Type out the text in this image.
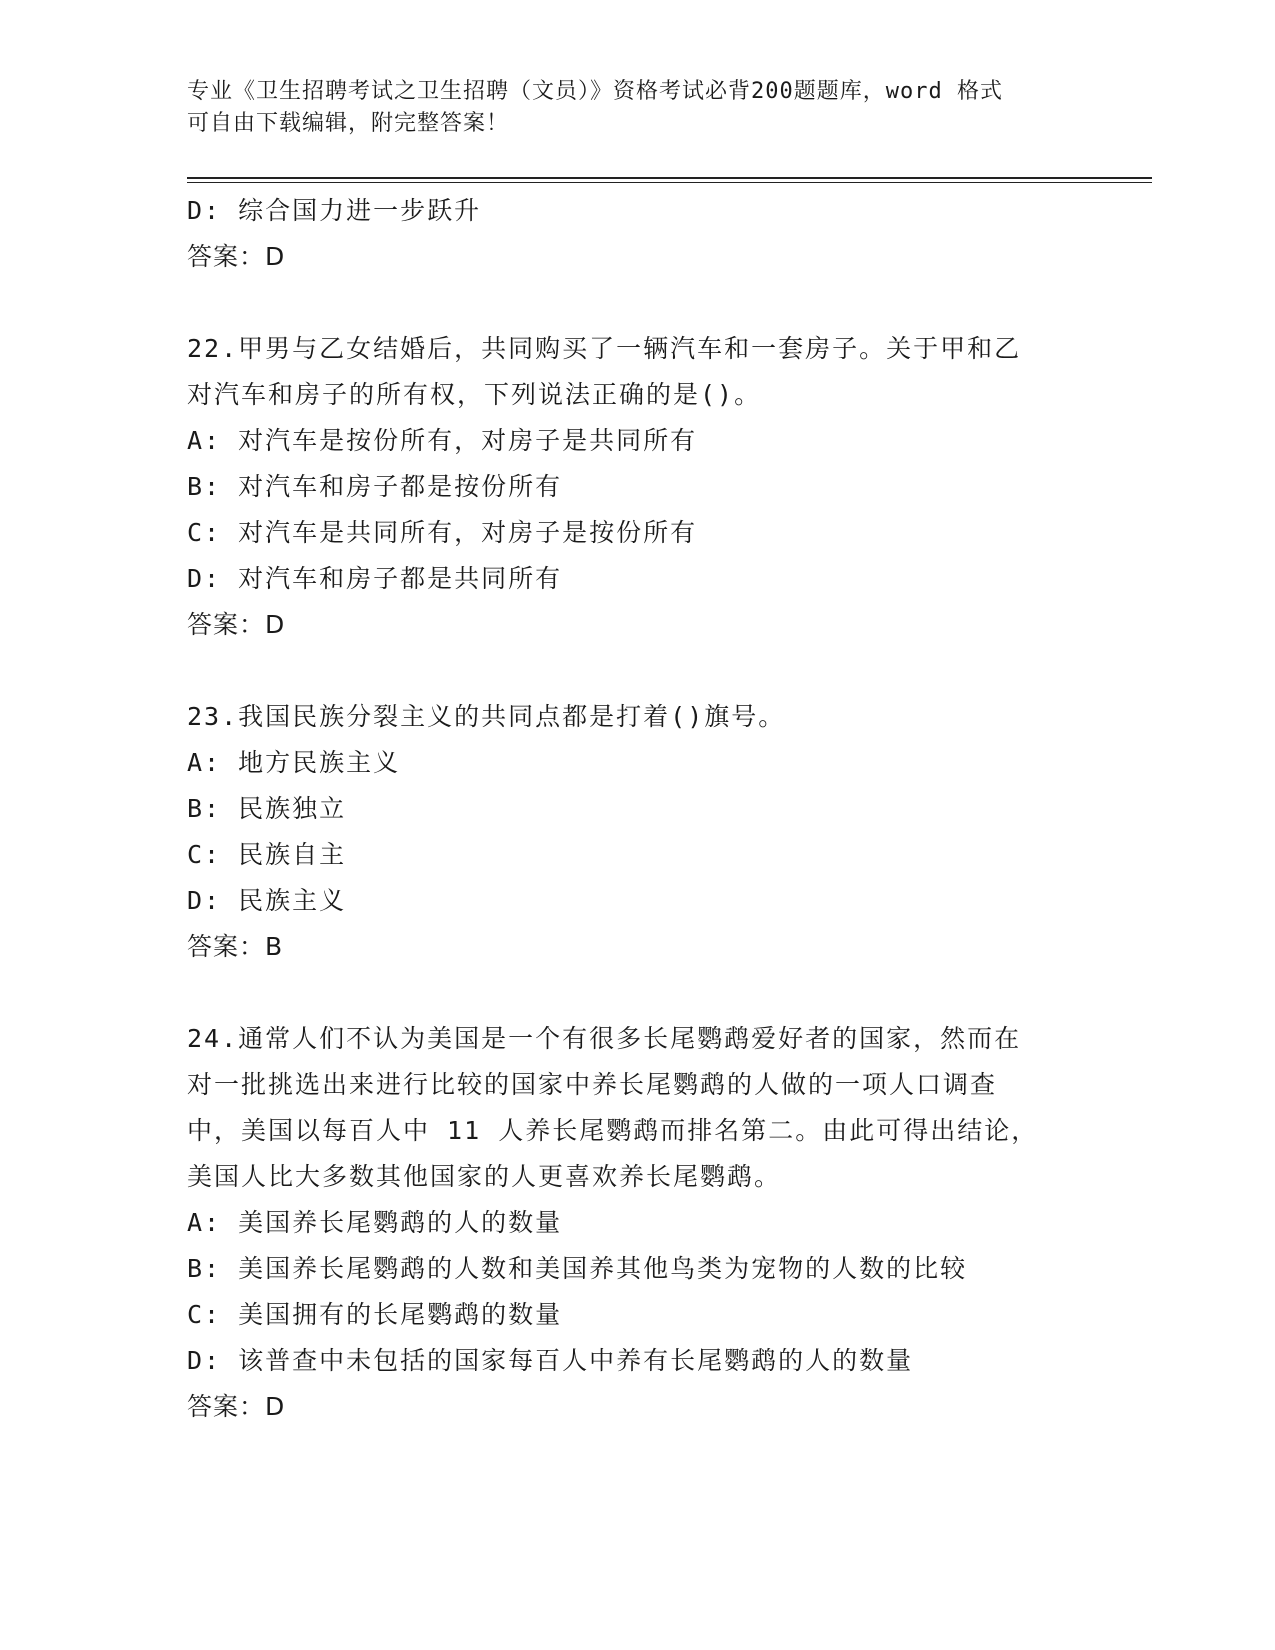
专业《卫生招聘考试之卫生招聘（文员）》资格考试必背200题题库，word 格式
可自由下载编辑，附完整答案！
D: 综合国力进一步跃升
答案：D
22.甲男与乙女结婚后，共同购买了一辆汽车和一套房子。关于甲和乙
对汽车和房子的所有权，下列说法正确的是()。
A: 对汽车是按份所有，对房子是共同所有
B: 对汽车和房子都是按份所有
C: 对汽车是共同所有，对房子是按份所有
D: 对汽车和房子都是共同所有
答案：D
23.我国民族分裂主义的共同点都是打着()旗号。
A: 地方民族主义
B: 民族独立
C: 民族自主
D: 民族主义
答案：B
24.通常人们不认为美国是一个有很多长尾鹦鹉爱好者的国家，然而在
对一批挑选出来进行比较的国家中养长尾鹦鹉的人做的一项人口调查
中，美国以每百人中 11 人养长尾鹦鹉而排名第二。由此可得出结论，
美国人比大多数其他国家的人更喜欢养长尾鹦鹉。
A: 美国养长尾鹦鹉的人的数量
B: 美国养长尾鹦鹉的人数和美国养其他鸟类为宠物的人数的比较
C: 美国拥有的长尾鹦鹉的数量
D: 该普查中未包括的国家每百人中养有长尾鹦鹉的人的数量
答案：D
